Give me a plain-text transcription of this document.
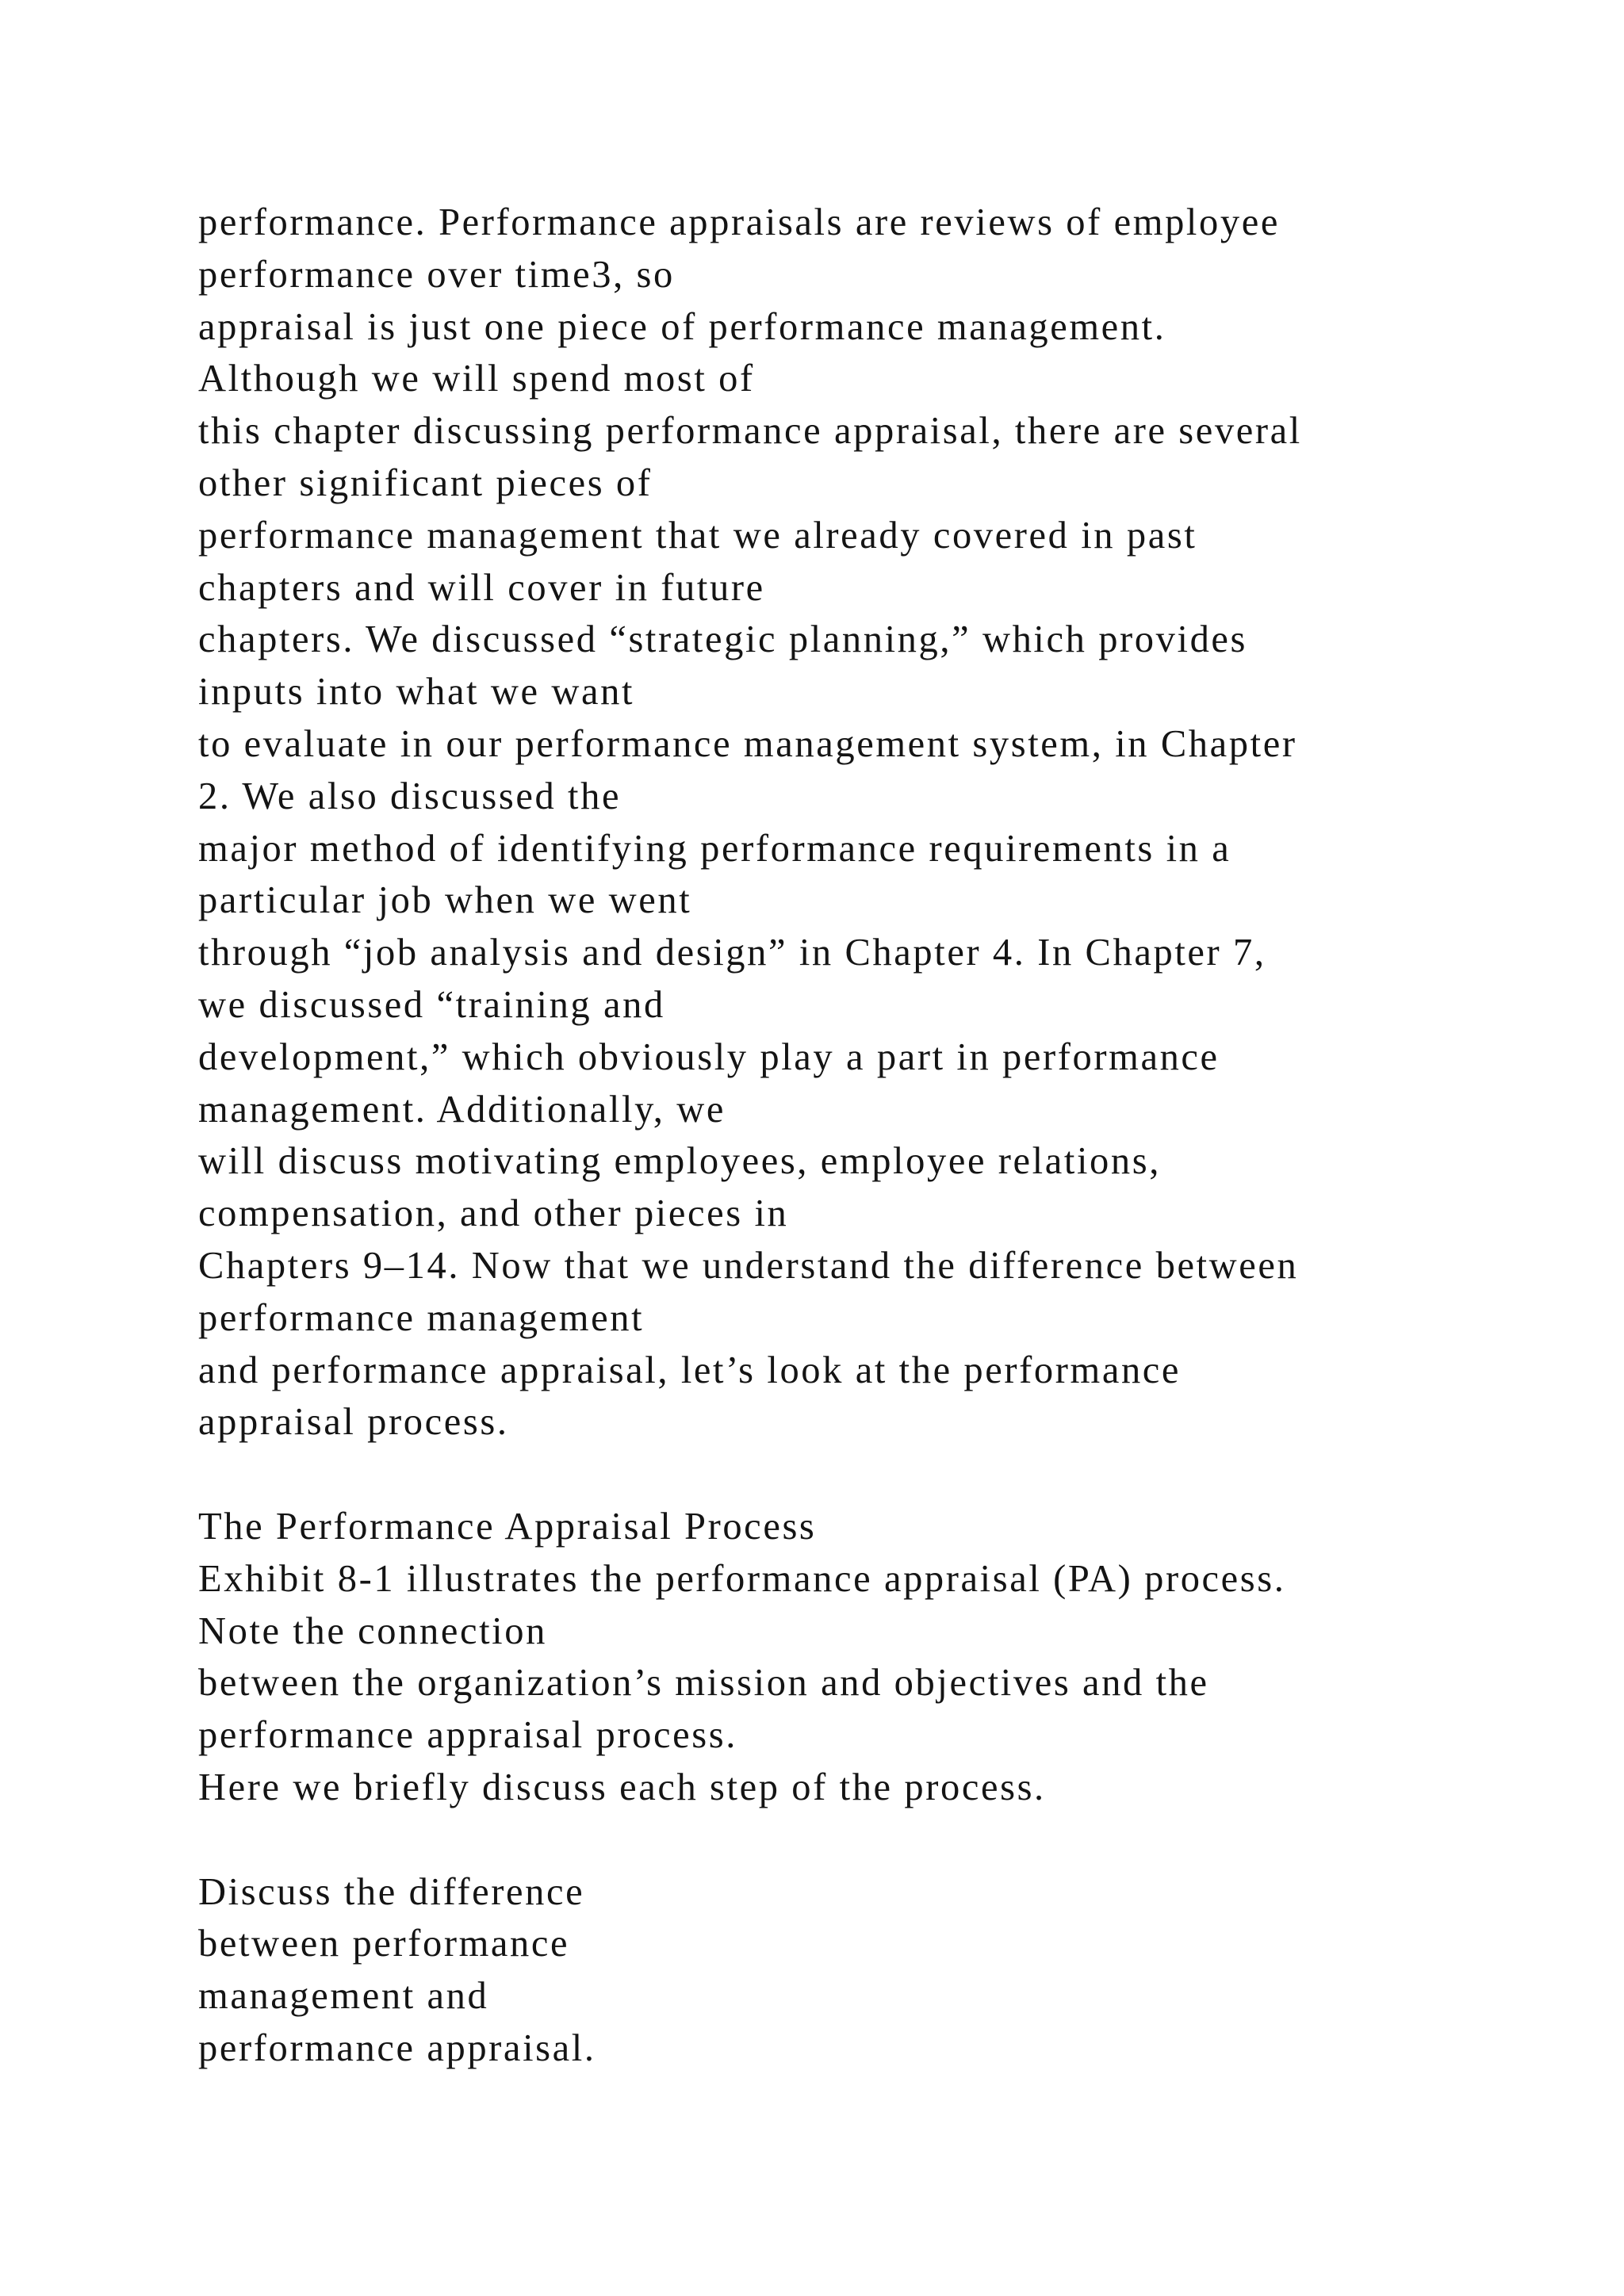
performance. Performance appraisals are reviews of employee
performance over time3, so
appraisal is just one piece of performance management.
Although we will spend most of
this chapter discussing performance appraisal, there are several
other significant pieces of
performance management that we already covered in past
chapters and will cover in future
chapters. We discussed “strategic planning,” which provides
inputs into what we want
to evaluate in our performance management system, in Chapter
2. We also discussed the
major method of identifying performance requirements in a
particular job when we went
through “job analysis and design” in Chapter 4. In Chapter 7,
we discussed “training and
development,” which obviously play a part in performance
management. Additionally, we
will discuss motivating employees, employee relations,
compensation, and other pieces in
Chapters 9–14. Now that we understand the difference between
performance management
and performance appraisal, let’s look at the performance
appraisal process.
The Performance Appraisal Process
Exhibit 8-1 illustrates the performance appraisal (PA) process.
Note the connection
between the organization’s mission and objectives and the
performance appraisal process.
Here we briefly discuss each step of the process.
Discuss the difference
between performance
management and
performance appraisal.
